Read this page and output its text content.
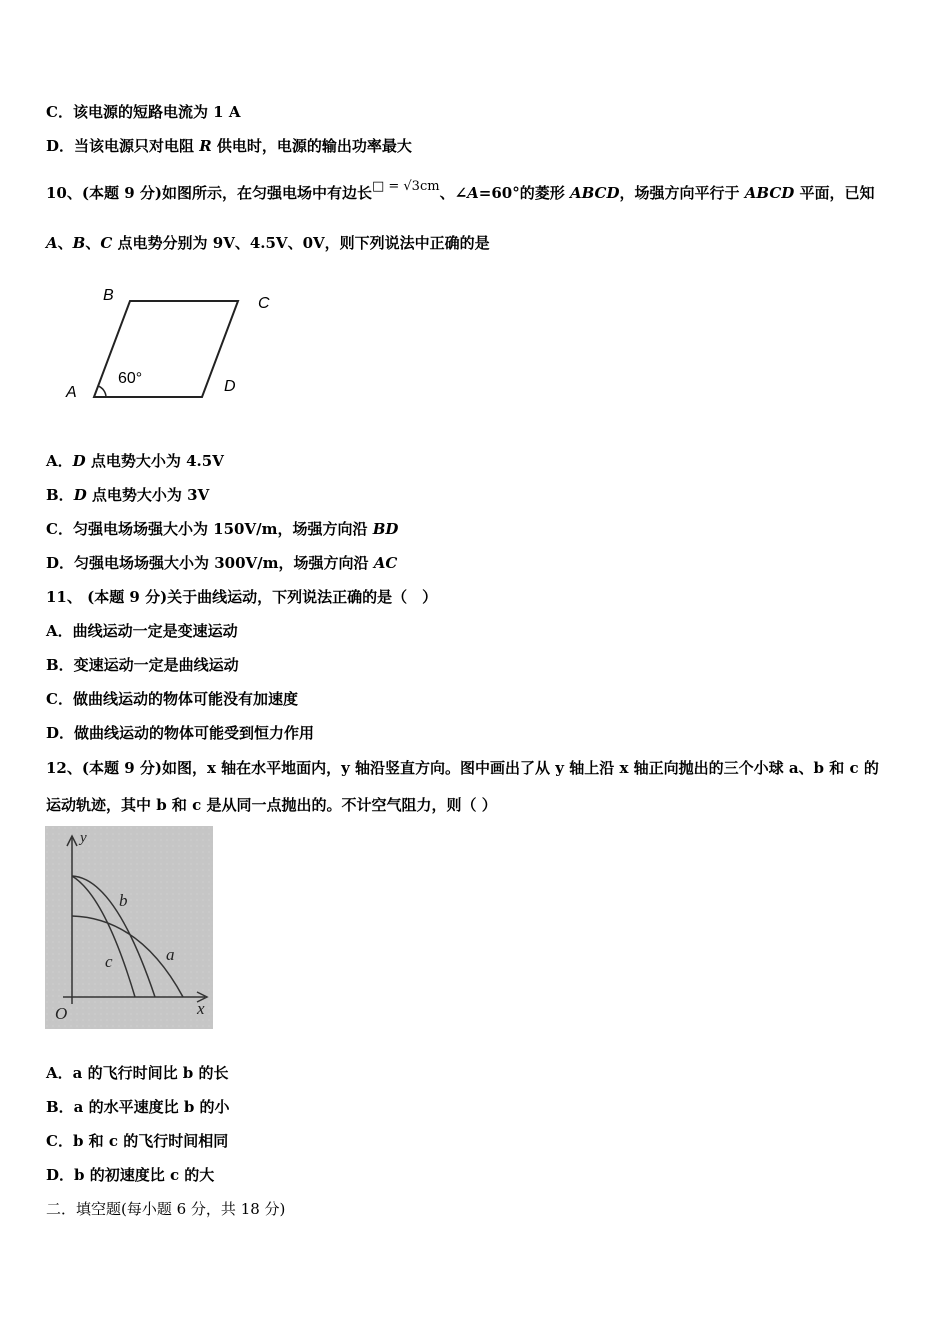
C．该电源的短路电流为 1 A
D．当该电源只对电阻 R 供电时，电源的输出功率最大
10、(本题 9 分)如图所示，在匀强电场中有边长□ = √3cm、∠A=60°的菱形 ABCD，场强方向平行于 ABCD 平面，已知
A、B、C 点电势分别为 9V、4.5V、0V，则下列说法中正确的是
B	C
A	D
60°
A．D 点电势大小为 4.5V
B．D 点电势大小为 3V
C．匀强电场场强大小为 150V/m，场强方向沿 BD
D．匀强电场场强大小为 300V/m，场强方向沿 AC
11、 (本题 9 分)关于曲线运动，下列说法正确的是（　）
A．曲线运动一定是变速运动
B．变速运动一定是曲线运动
C．做曲线运动的物体可能没有加速度
D．做曲线运动的物体可能受到恒力作用
12、(本题 9 分)如图，x 轴在水平地面内，y 轴沿竖直方向。图中画出了从 y 轴上沿 x 轴正向抛出的三个小球 a、b 和 c 的
运动轨迹，其中 b 和 c 是从同一点抛出的。不计空气阻力，则（ ）
y
x
O
b
c	a
A．a 的飞行时间比 b 的长
B．a 的水平速度比 b 的小
C．b 和 c 的飞行时间相同
D．b 的初速度比 c 的大
二．填空题(每小题 6 分，共 18 分)
